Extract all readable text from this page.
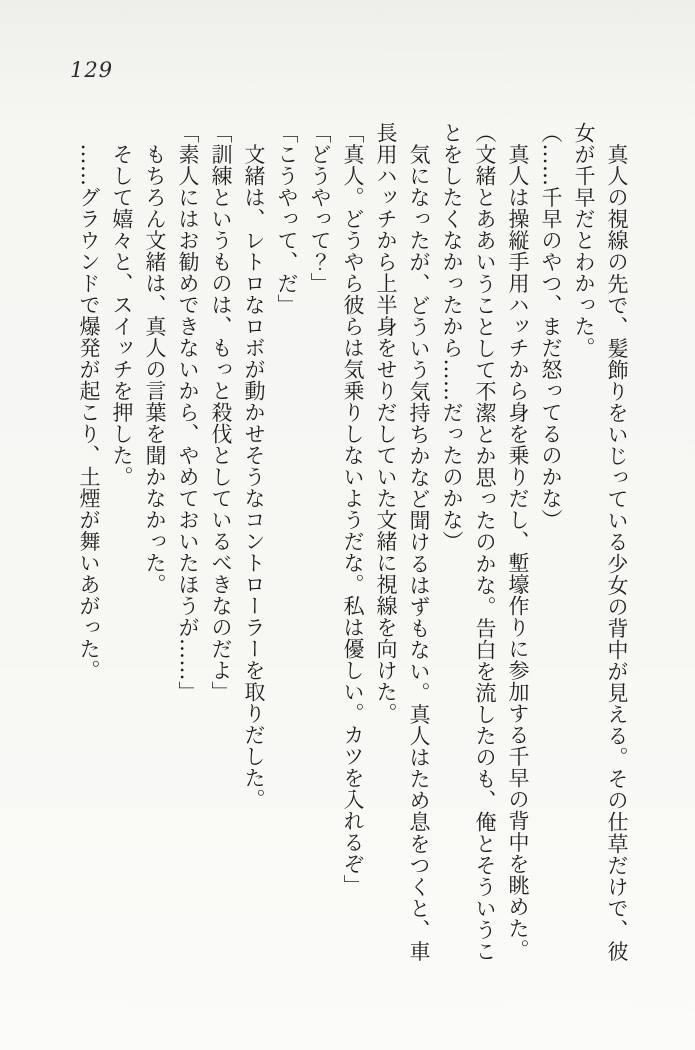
129

　真人の視線の先で、髪飾りをいじっている少女の背中が見える。その仕草だけで、彼女が千早だとわかった。

（……千早のやつ、まだ怒ってるのかな）

　真人は操縦手用ハッチから身を乗りだし、塹壕作りに参加する千早の背中を眺めた。

（文緒とああいうことして不潔とか思ったのかな。告白を流したのも、俺とそういうことをしたくなかったから……だったのかな）

　気になったが、どういう気持ちかなど聞けるはずもない。真人はため息をつくと、車長用ハッチから上半身をせりだしていた文緒に視線を向けた。

「真人。どうやら彼らは気乗りしないようだな。私は優しい。カツを入れるぞ」

「どうやって？」

「こうやって、だ」

　文緒は、レトロなロボが動かせそうなコントローラーを取りだした。

「訓練というものは、もっと殺伐としているべきなのだよ」

「素人にはお勧めできないから、やめておいたほうが……」

　もちろん文緒は、真人の言葉を聞かなかった。

　そして嬉々と、スイッチを押した。

　……グラウンドで爆発が起こり、土煙が舞いあがった。
